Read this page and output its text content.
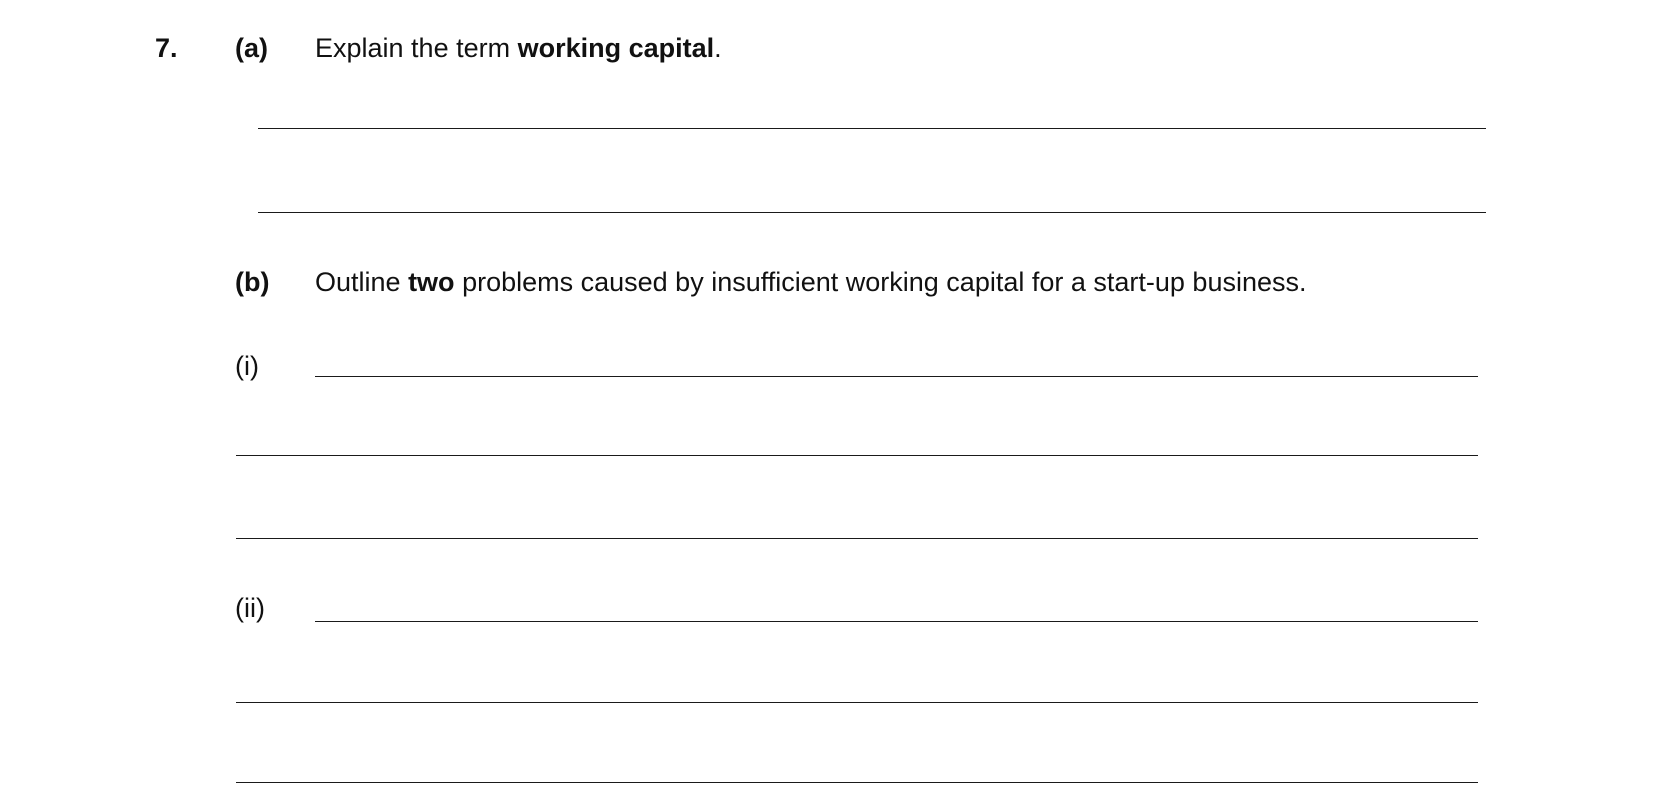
7. (a) Explain the term working capital.
(b) Outline two problems caused by insufficient working capital for a start-up business.
(i)
(ii)
